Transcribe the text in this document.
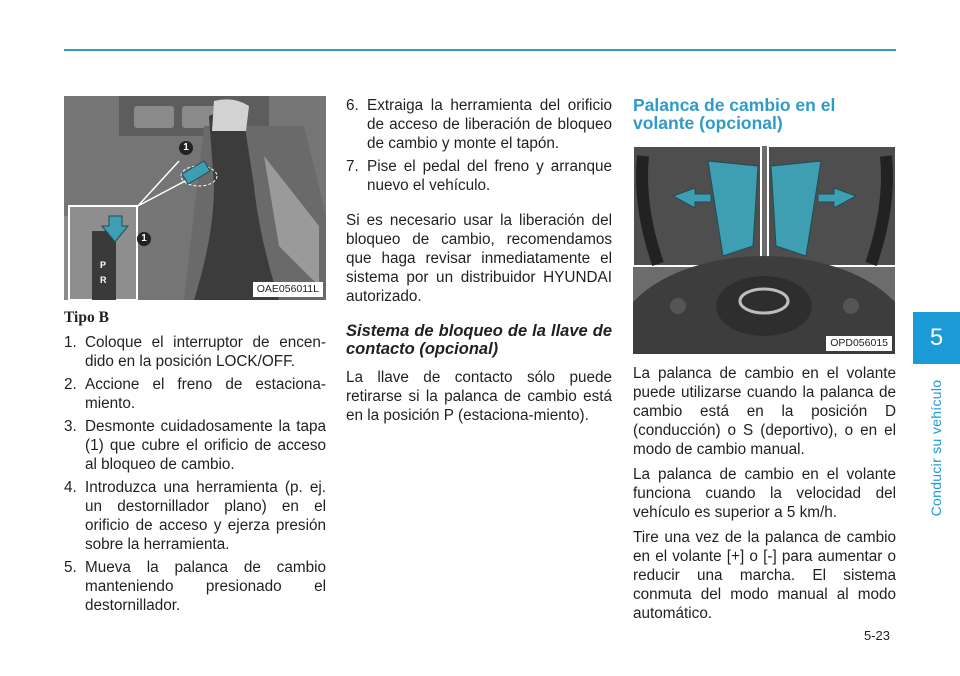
5
Conducir su vehículo
1
1
P
R
OAE056011L
Tipo B
1. Coloque el interruptor de encen-dido en la posición LOCK/OFF.
2. Accione el freno de estaciona-miento.
3. Desmonte cuidadosamente la tapa (1) que cubre el orificio de acceso al bloqueo de cambio.
4. Introduzca una herramienta (p. ej. un destornillador plano) en el orificio de acceso y ejerza presión sobre la herramienta.
5. Mueva la palanca de cambio manteniendo presionado el destornillador.
6. Extraiga la herramienta del orificio de acceso de liberación de bloqueo de cambio y monte el tapón.
7. Pise el pedal del freno y arranque nuevo el vehículo.

Si es necesario usar la liberación del bloqueo de cambio, recomendamos que haga revisar inmediatamente el sistema por un distribuidor HYUNDAI autorizado.

Sistema de bloqueo de la llave de contacto (opcional)

La llave de contacto sólo puede retirarse si la palanca de cambio está en la posición P (estaciona-miento).

Palanca de cambio en el volante (opcional)
OPD056015

La palanca de cambio en el volante puede utilizarse cuando la palanca de cambio está en la posición D (conducción) o S (deportivo), o en el modo de cambio manual.

La palanca de cambio en el volante funciona cuando la velocidad del vehículo es superior a 5 km/h.

Tire una vez de la palanca de cambio en el volante [+] o [-] para aumentar o reducir una marcha. El sistema conmuta del modo manual al modo automático.

5-23
